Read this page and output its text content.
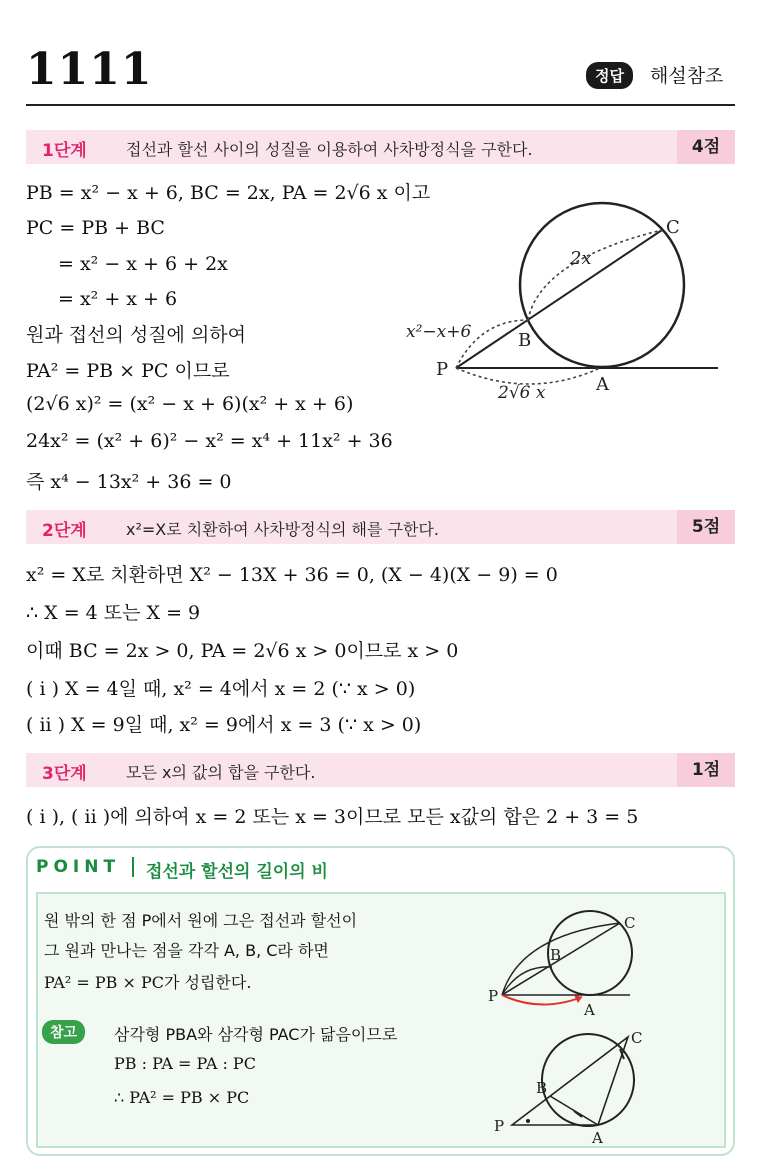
1111	정답	해설참조
1단계 접선과 할선 사이의 성질을 이용하여 사차방정식을 구한다.	4점
PB = x² − x + 6, BC = 2x, PA = 2√6 x 이고
PC = PB + BC
= x² − x + 6 + 2x
= x² + x + 6
원과 접선의 성질에 의하여
PA² = PB × PC 이므로
(2√6 x)² = (x² − x + 6)(x² + x + 6)
24x² = (x² + 6)² − x² = x⁴ + 11x² + 36
즉 x⁴ − 13x² + 36 = 0
C
B
A
P
2x
x²−x+6
2√6 x
2단계 x²=X로 치환하여 사차방정식의 해를 구한다.	5점
x² = X로 치환하면 X² − 13X + 36 = 0, (X − 4)(X − 9) = 0
∴ X = 4 또는 X = 9
이때 BC = 2x > 0, PA = 2√6 x > 0이므로 x > 0
( i ) X = 4일 때, x² = 4에서 x = 2 (∵ x > 0)
( ii ) X = 9일 때, x² = 9에서 x = 3 (∵ x > 0)
3단계 모든 x의 값의 합을 구한다.	1점
( i ), ( ii )에 의하여 x = 2 또는 x = 3이므로 모든 x값의 합은 2 + 3 = 5
POINT 접선과 할선의 길이의 비
원 밖의 한 점 P에서 원에 그은 접선과 할선이
그 원과 만나는 점을 각각 A, B, C라 하면
PA² = PB × PC가 성립한다.
참고	삼각형 PBA와 삼각형 PAC가 닮음이므로
PB : PA = PA : PC
∴ PA² = PB × PC
C
B
A
P
C
B
A
P
